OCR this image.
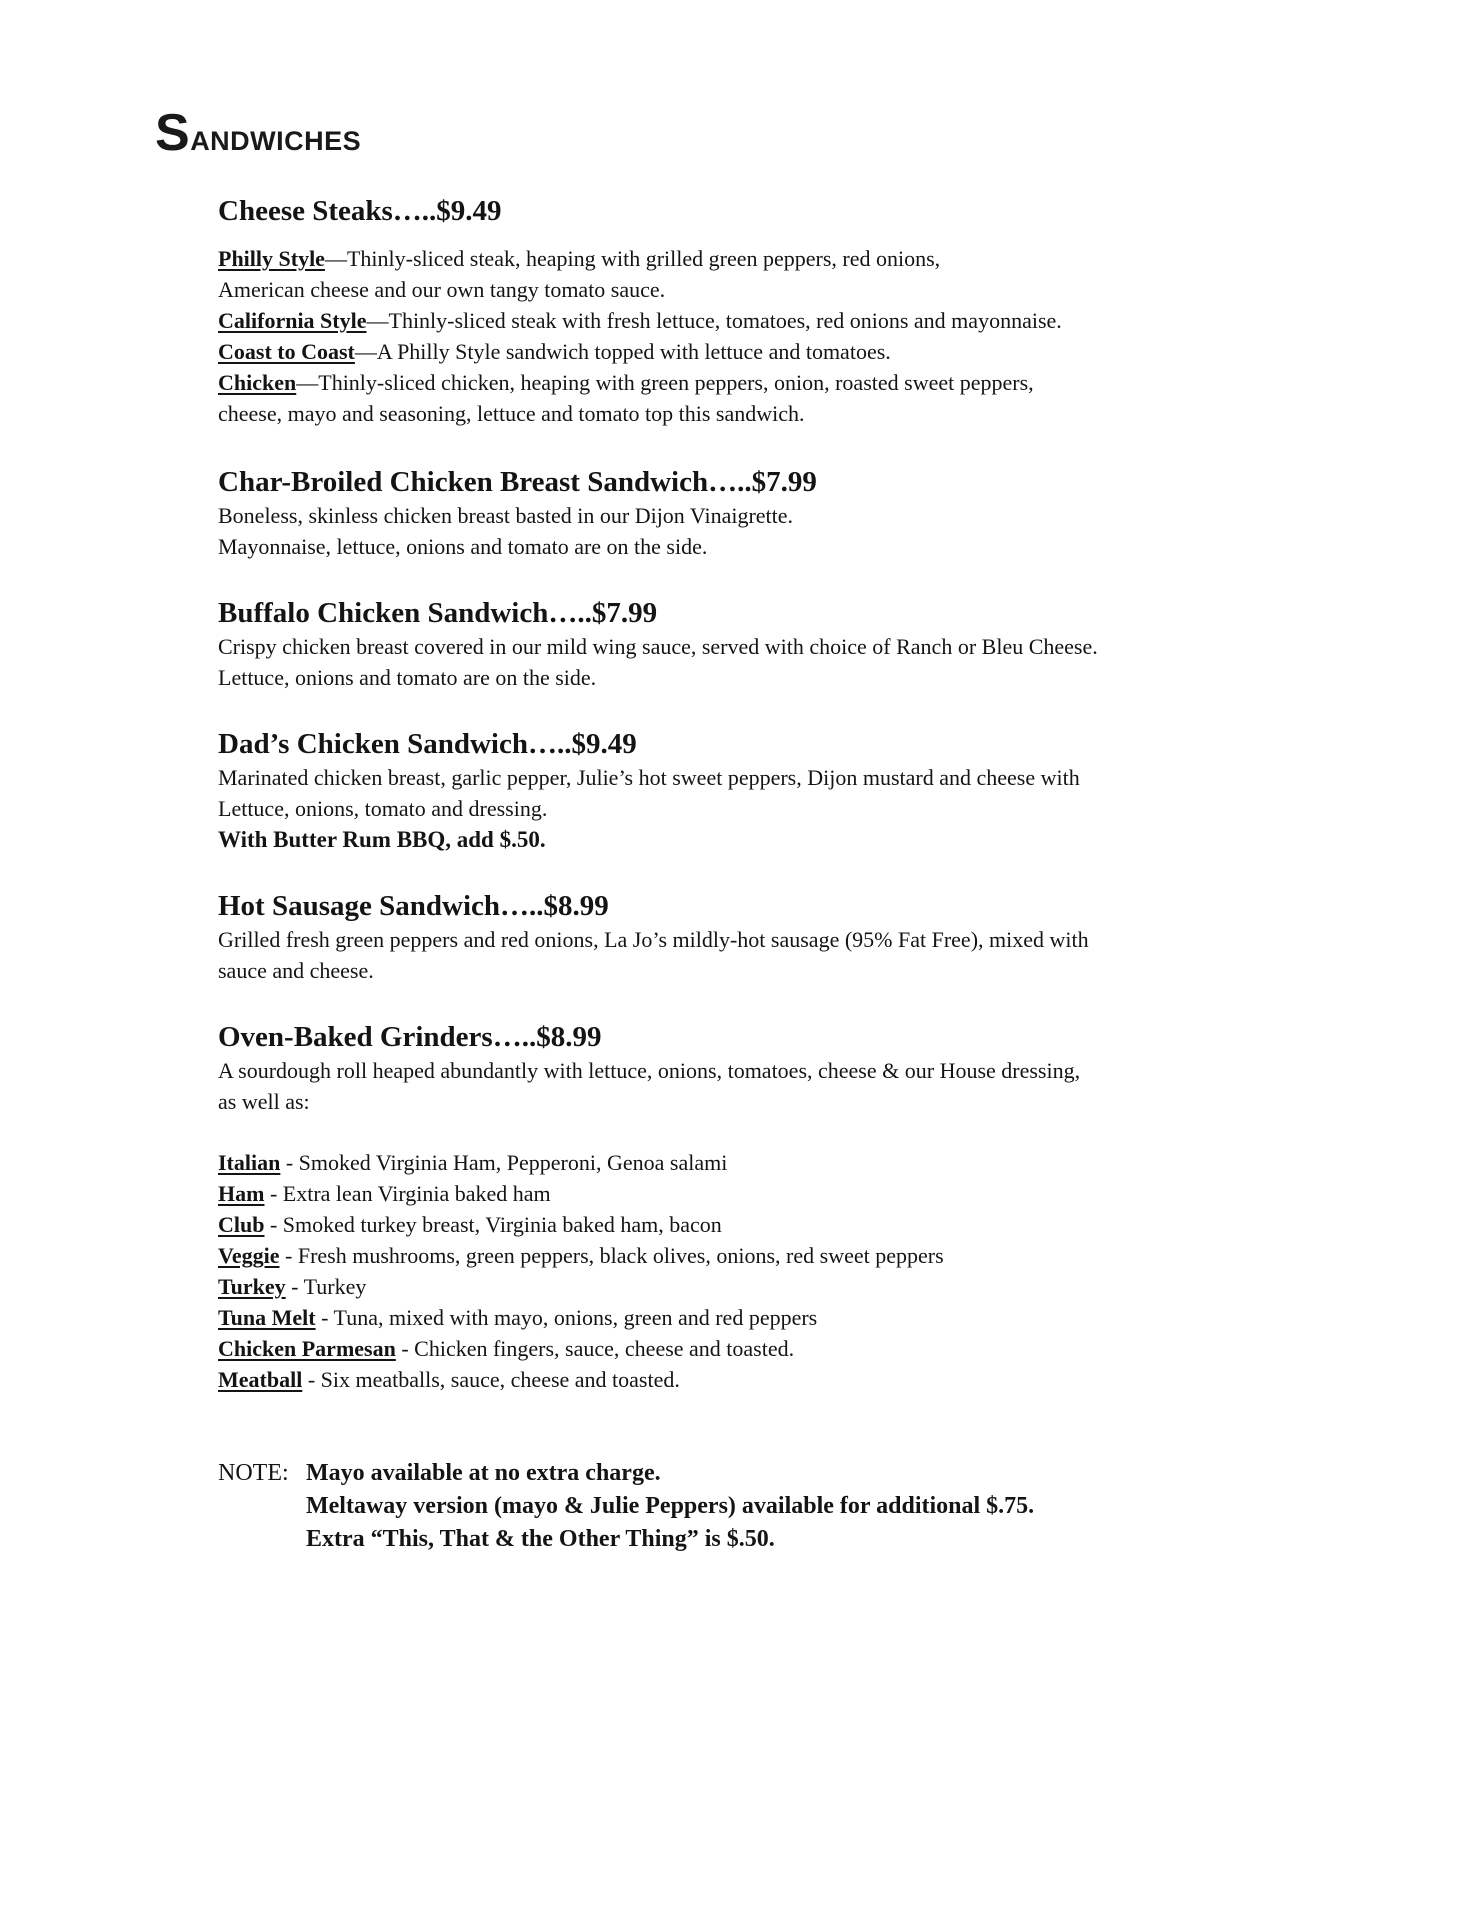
Sandwiches

Cheese Steaks…..$9.49

Philly Style—Thinly-sliced steak, heaping with grilled green peppers, red onions,
American cheese and our own tangy tomato sauce.
California Style—Thinly-sliced steak with fresh lettuce, tomatoes, red onions and mayonnaise.
Coast to Coast—A Philly Style sandwich topped with lettuce and tomatoes.
Chicken—Thinly-sliced chicken, heaping with green peppers, onion, roasted sweet peppers,
cheese, mayo and seasoning, lettuce and tomato top this sandwich.

Char-Broiled Chicken Breast Sandwich…..$7.99

Boneless, skinless chicken breast basted in our Dijon Vinaigrette.
Mayonnaise, lettuce, onions and tomato are on the side.

Buffalo Chicken Sandwich…..$7.99

Crispy chicken breast covered in our mild wing sauce, served with choice of Ranch or Bleu Cheese.
Lettuce, onions and tomato are on the side.

Dad’s Chicken Sandwich…..$9.49

Marinated chicken breast, garlic pepper, Julie’s hot sweet peppers, Dijon mustard and cheese with
Lettuce, onions, tomato and dressing.

With Butter Rum BBQ, add $.50.

Hot Sausage Sandwich…..$8.99

Grilled fresh green peppers and red onions, La Jo’s mildly-hot sausage (95% Fat Free), mixed with
sauce and cheese.

Oven-Baked Grinders…..$8.99

A sourdough roll heaped abundantly with lettuce, onions, tomatoes, cheese & our House dressing,
as well as:

Italian - Smoked Virginia Ham, Pepperoni, Genoa salami
Ham - Extra lean Virginia baked ham
Club - Smoked turkey breast, Virginia baked ham, bacon
Veggie - Fresh mushrooms, green peppers, black olives, onions, red sweet peppers
Turkey - Turkey
Tuna Melt - Tuna, mixed with mayo, onions, green and red peppers
Chicken Parmesan - Chicken fingers, sauce, cheese and toasted.
Meatball - Six meatballs, sauce, cheese and toasted.
NOTE: Mayo available at no extra charge.
Meltaway version (mayo & Julie Peppers) available for additional $.75.
Extra “This, That & the Other Thing” is $.50.
